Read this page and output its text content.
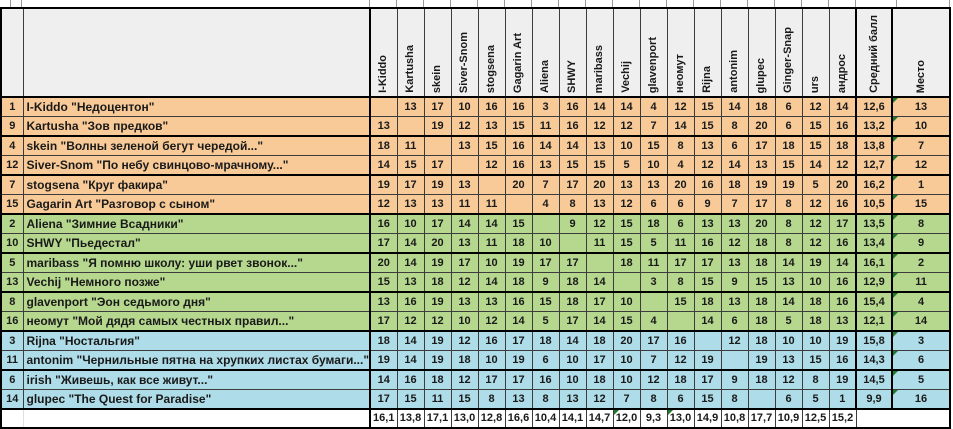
		I-Kiddo	Kartusha	skein	Siver-Snom	stogsena	Gagarin Art	Aliena	SHWY	maribass	Vechij	glavenport	неомут	Rijna	antonim	glupec	Ginger-Snap	urs	андрос	Средний балл	Место

1	I-Kiddo "Недоцентон"		13	17	10	16	16	3	16	14	14	4	12	15	14	18	6	12	14	12,6	13
9	Kartusha "Зов предков"	13		19	12	13	15	11	16	12	12	7	14	15	8	20	6	15	16	13,2	10
4	skein "Волны зеленой бегут чередой..."	18	11		13	15	16	14	14	13	10	15	8	13	6	17	18	15	18	13,8	7
12	Siver-Snom "По небу свинцово-мрачному..."	14	15	17		12	16	13	15	15	5	10	4	12	14	13	15	14	12	12,7	12
7	stogsena "Круг факира"	19	17	19	13		20	7	17	20	13	13	20	16	18	19	19	5	20	16,2	1
15	Gagarin Art "Разговор с сыном"	12	13	13	11	11		4	8	13	12	6	6	9	7	17	8	12	16	10,5	15
2	Aliena "Зимние Всадники"	16	10	17	14	14	15		9	12	15	18	6	13	13	20	8	12	17	13,5	8
10	SHWY "Пьедестал"	17	14	20	13	11	18	10		11	15	5	11	16	12	18	8	12	16	13,4	9
5	maribass "Я помню школу: уши рвет звонок..."	20	14	19	17	10	19	17	17		18	11	17	17	13	18	14	19	14	16,1	2
13	Vechij "Немного позже"	15	13	18	12	14	18	9	18	14		3	8	15	9	15	13	10	16	12,9	11
8	glavenport "Эон седьмого дня"	13	16	19	13	13	16	15	18	17	10		15	18	13	18	14	18	16	15,4	4
16	неомут "Мой дядя самых честных правил..."	17	12	12	10	12	14	5	17	14	15	4		14	6	18	5	18	13	12,1	14
3	Rijna "Ностальгия"	18	14	19	12	16	17	18	14	18	20	17	16		12	18	10	10	19	15,8	3
11	antonim "Чернильные пятна на хрупких листах бумаги..."	19	14	19	18	10	19	6	10	17	10	7	12	19		19	13	15	16	14,3	6
6	irish "Живешь, как все живут..."	14	16	18	12	17	17	16	10	18	10	12	18	17	9	18	12	8	19	14,5	5
14	glupec "The Quest for Paradise"	17	15	11	15	8	13	8	13	12	7	8	6	15	8		6	5	1	9,9	16
		16,1	13,8	17,1	13,0	12,8	16,6	10,4	14,1	14,7	12,0	9,3	13,0	14,9	10,8	17,7	10,9	12,5	15,2		
